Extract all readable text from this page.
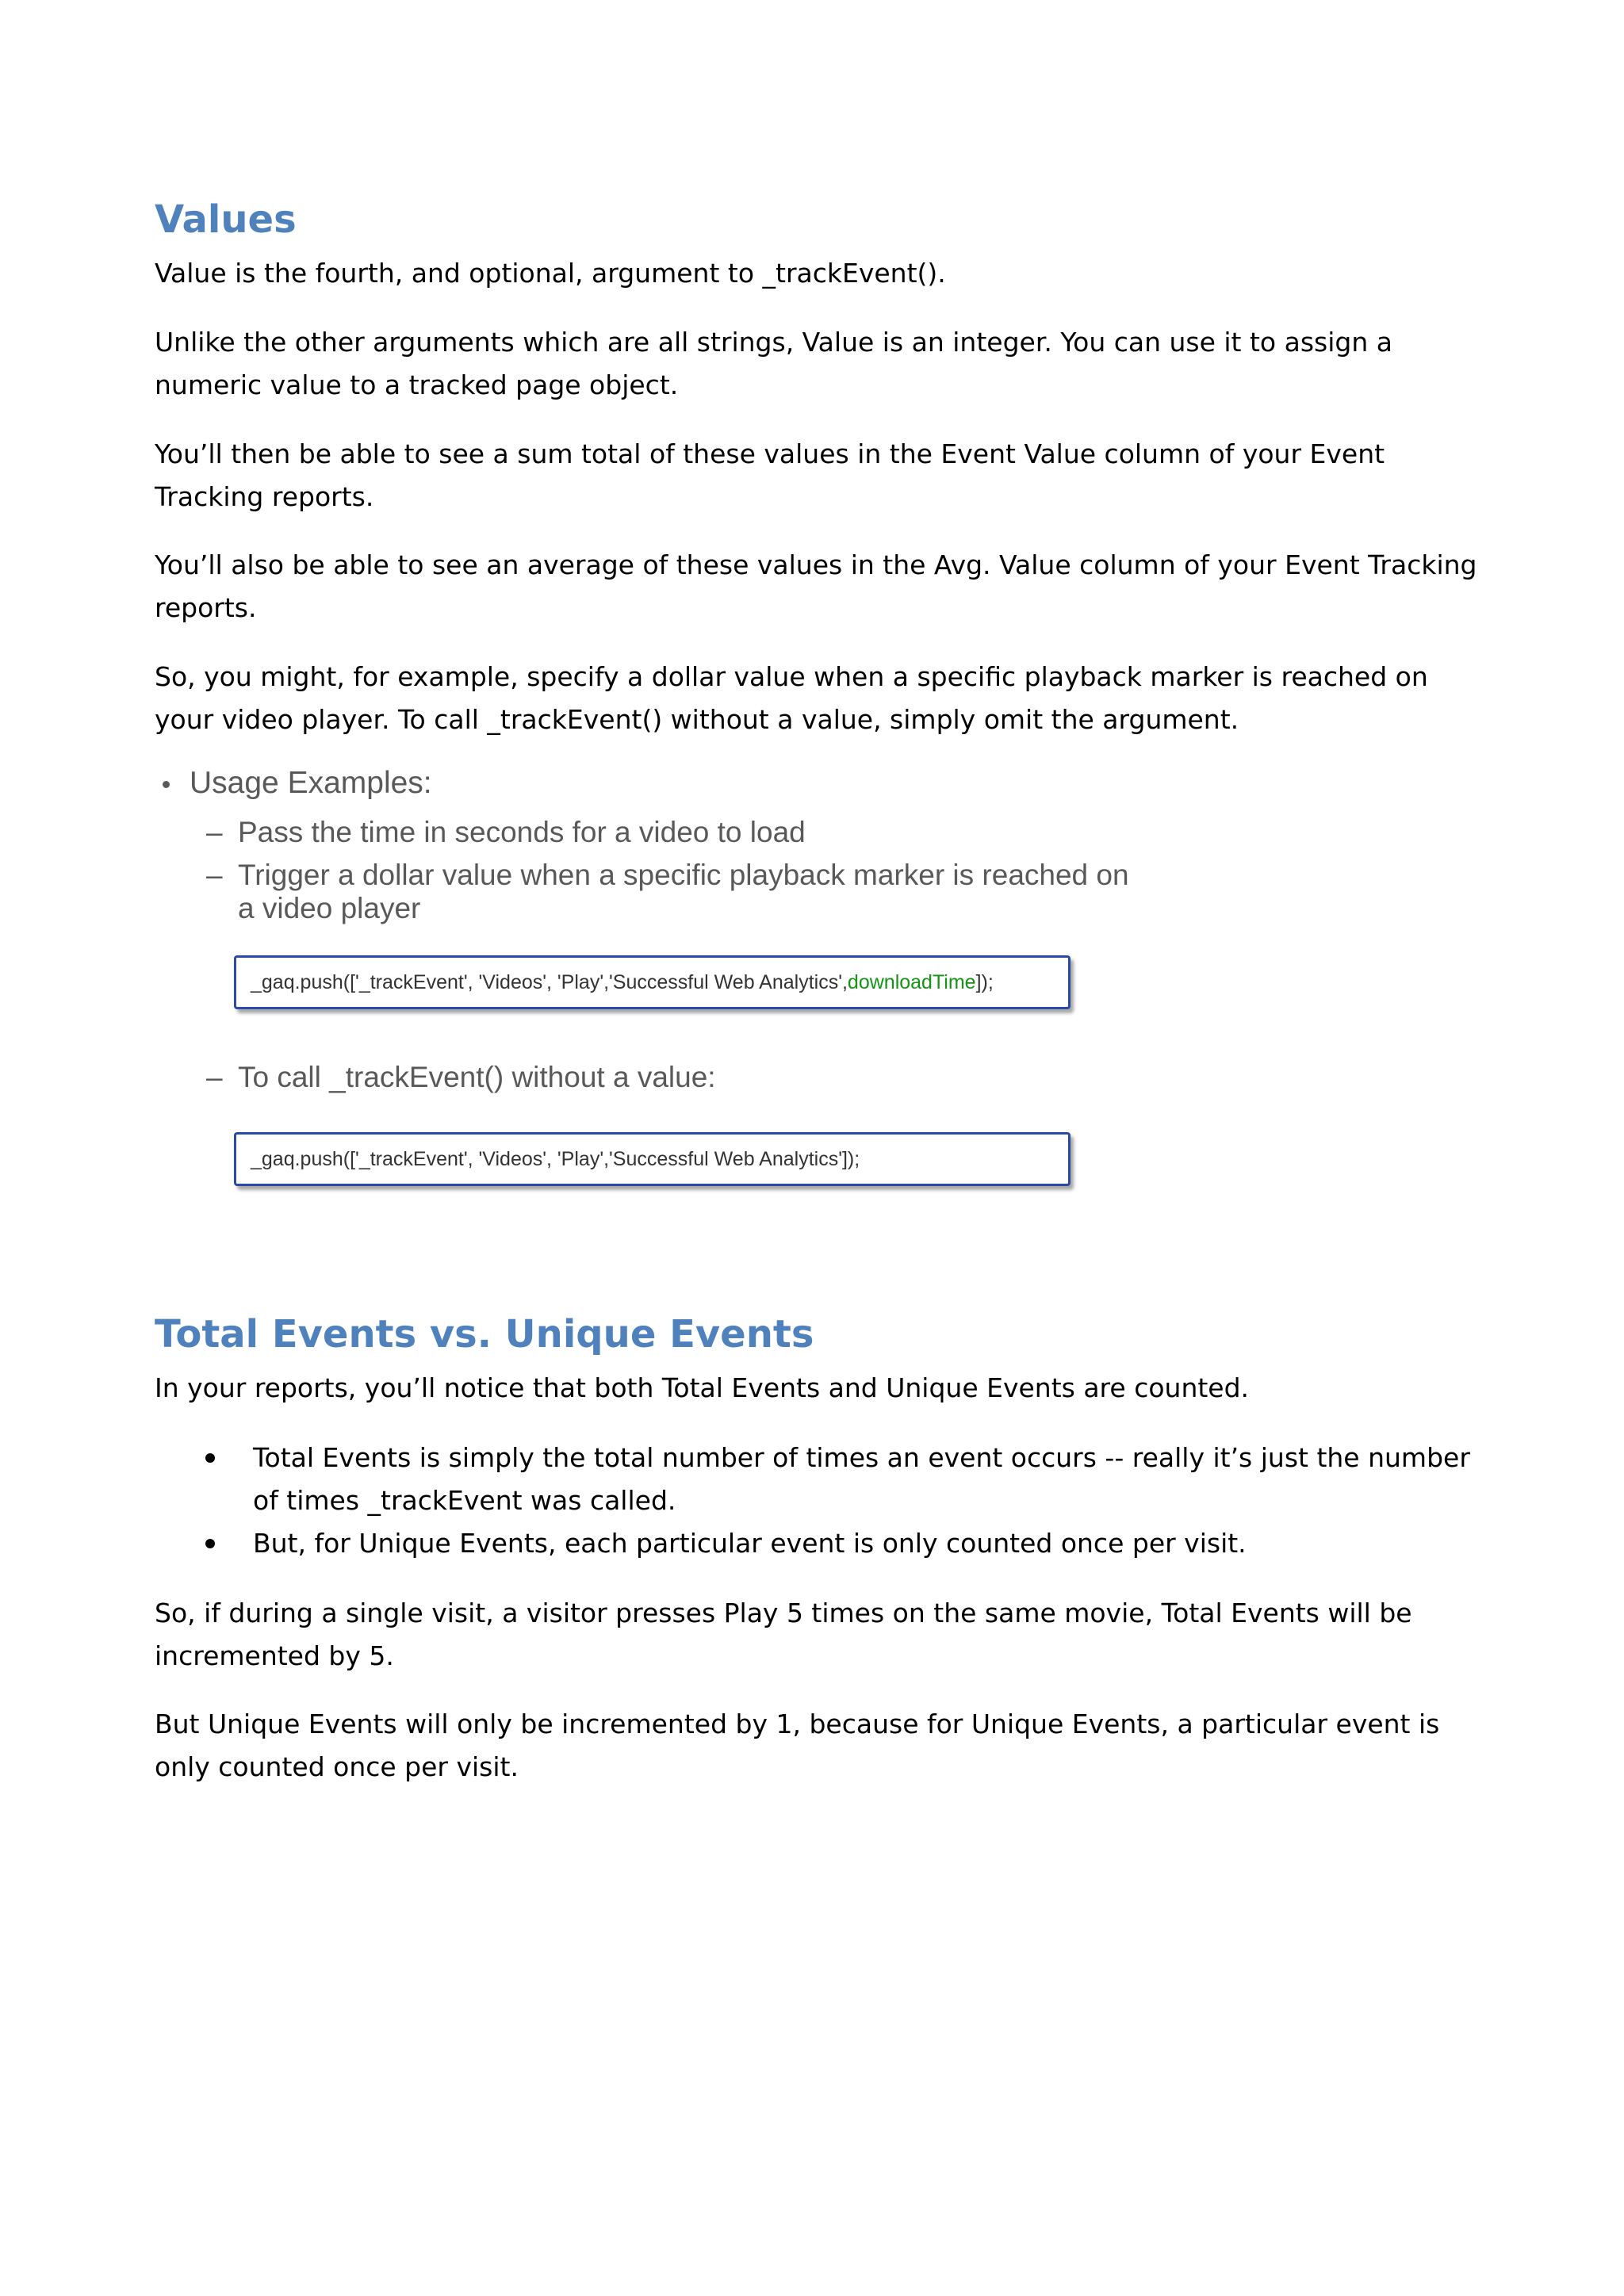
Values

Value is the fourth, and optional, argument to _trackEvent().

Unlike the other arguments which are all strings, Value is an integer. You can use it to assign a numeric value to a tracked page object.

You’ll then be able to see a sum total of these values in the Event Value column of your Event Tracking reports.

You’ll also be able to see an average of these values in the Avg. Value column of your Event Tracking reports.

So, you might, for example, specify a dollar value when a specific playback marker is reached on your video player. To call _trackEvent() without a value, simply omit the argument.

Usage Examples:
– Pass the time in seconds for a video to load
– Trigger a dollar value when a specific playback marker is reached on a video player
_gaq.push(['_trackEvent', 'Videos', 'Play','Successful Web Analytics',downloadTime]);
– To call _trackEvent() without a value:
_gaq.push(['_trackEvent', 'Videos', 'Play','Successful Web Analytics']);
Total Events vs. Unique Events

In your reports, you’ll notice that both Total Events and Unique Events are counted.

Total Events is simply the total number of times an event occurs -- really it’s just the number of times _trackEvent was called.
But, for Unique Events, each particular event is only counted once per visit.

So, if during a single visit, a visitor presses Play 5 times on the same movie, Total Events will be incremented by 5.

But Unique Events will only be incremented by 1, because for Unique Events, a particular event is only counted once per visit.
